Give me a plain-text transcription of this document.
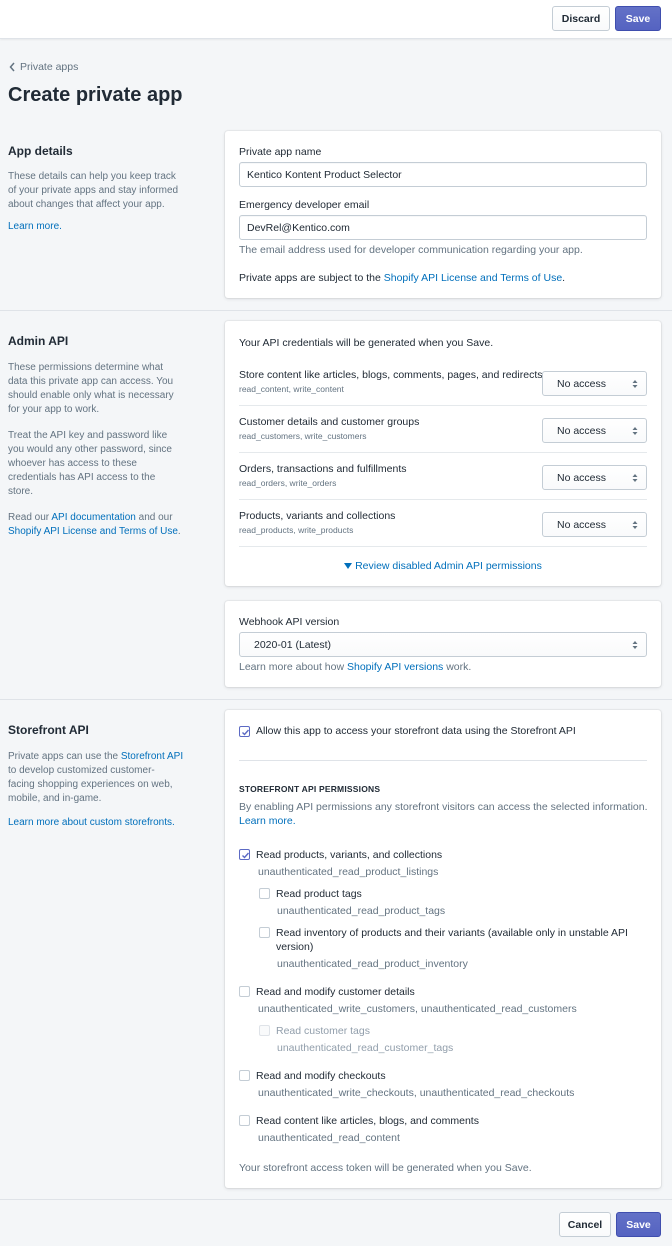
Discard	Save
Private apps
Create private app
App details
These details can help you keep track
of your private apps and stay informed
about changes that affect your app.
Learn more.
Private app name
Kentico Kontent Product Selector
Emergency developer email
DevRel@Kentico.com
The email address used for developer communication regarding your app.
Private apps are subject to the Shopify API License and Terms of Use.
Admin API
These permissions determine what
data this private app can access. You
should enable only what is necessary
for your app to work.
Treat the API key and password like
you would any other password, since
whoever has access to these
credentials has API access to the
store.
Read our API documentation and our
Shopify API License and Terms of Use.
Your API credentials will be generated when you Save.
Store content like articles, blogs, comments, pages, and redirects
read_content, write_content	No access
Customer details and customer groups
read_customers, write_customers	No access
Orders, transactions and fulfillments
read_orders, write_orders	No access
Products, variants and collections
read_products, write_products	No access
Review disabled Admin API permissions
Webhook API version
2020-01 (Latest)
Learn more about how Shopify API versions work.
Storefront API
Private apps can use the Storefront API
to develop customized customer-
facing shopping experiences on web,
mobile, and in-game.
Learn more about custom storefronts.
Allow this app to access your storefront data using the Storefront API
STOREFRONT API PERMISSIONS
By enabling API permissions any storefront visitors can access the selected information.
Learn more.
Read products, variants, and collections
unauthenticated_read_product_listings
Read product tags
unauthenticated_read_product_tags
Read inventory of products and their variants (available only in unstable API
version)
unauthenticated_read_product_inventory
Read and modify customer details
unauthenticated_write_customers, unauthenticated_read_customers
Read customer tags
unauthenticated_read_customer_tags
Read and modify checkouts
unauthenticated_write_checkouts, unauthenticated_read_checkouts
Read content like articles, blogs, and comments
unauthenticated_read_content
Your storefront access token will be generated when you Save.
Cancel	Save
